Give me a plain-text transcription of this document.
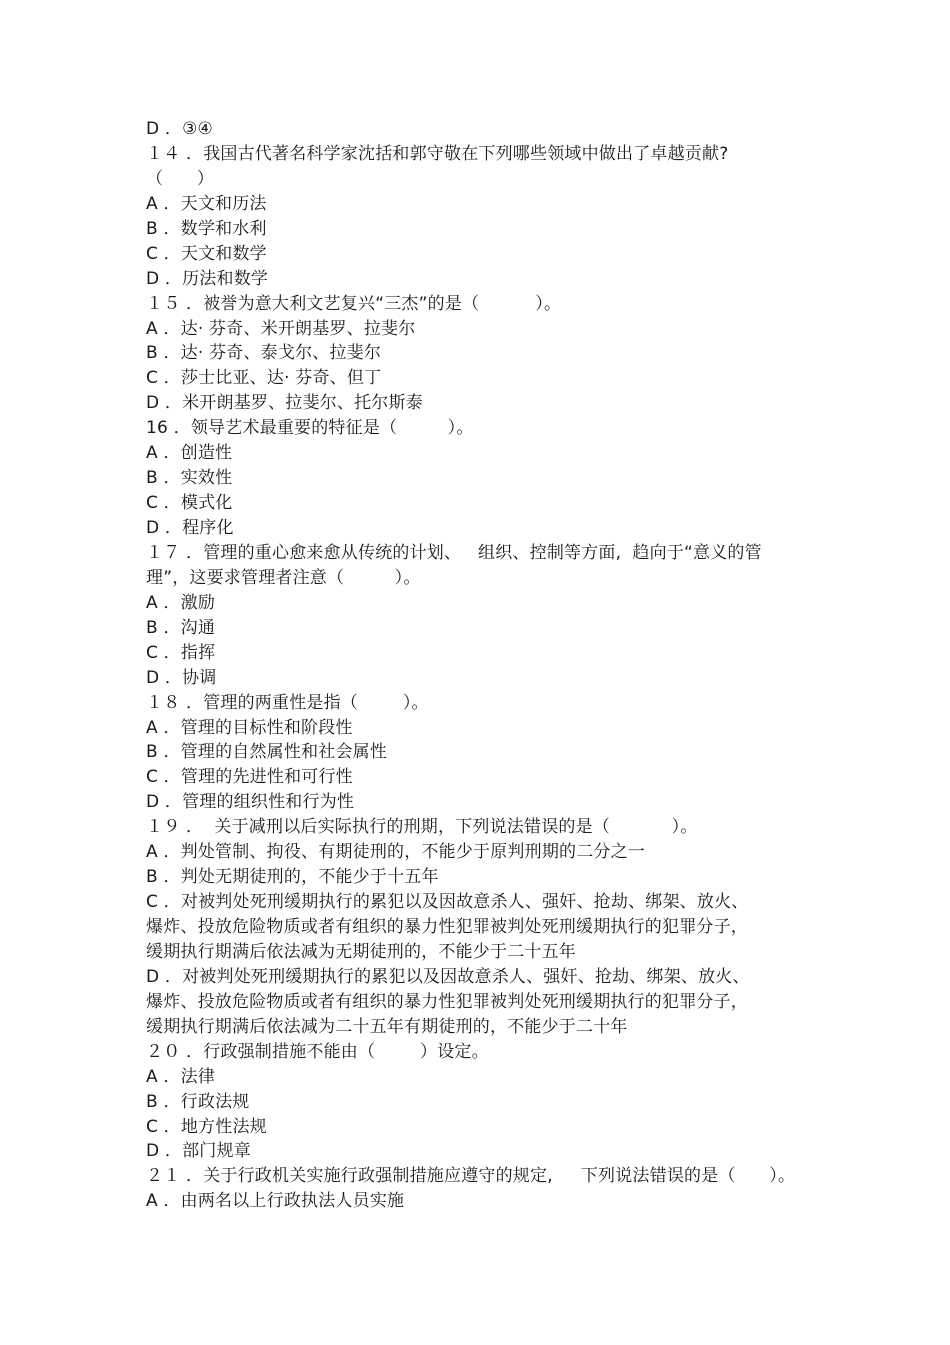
D ．③④
１４ ．我国古代著名科学家沈括和郭守敬在下列哪些领域中做出了卓越贡献?
（      ）
A ．天文和历法
B ．数学和水利
C ．天文和数学
D ．历法和数学
１５ ．被誉为意大利文艺复兴“三杰”的是（          ）。
A ．达· 芬奇、米开朗基罗、拉斐尔
B ．达· 芬奇、泰戈尔、拉斐尔
C ．莎士比亚、达· 芬奇、但丁
D ．米开朗基罗、拉斐尔、托尔斯泰
16 ．领导艺术最重要的特征是（         ）。
A ．创造性
B ．实效性
C ．模式化
D ．程序化
１７ ．管理的重心愈来愈从传统的计划、   组织、控制等方面,  趋向于“意义的管
理”，这要求管理者注意（         ）。
A ．激励
B ．沟通
C ．指挥
D ．协调
１８ ．管理的两重性是指（        ）。
A ．管理的目标性和阶段性
B ．管理的自然属性和社会属性
C ．管理的先进性和可行性
D ．管理的组织性和行为性
１９ ．  关于减刑以后实际执行的刑期，下列说法错误的是（           ）。
A ．判处管制、拘役、有期徒刑的，不能少于原判刑期的二分之一
B ．判处无期徒刑的，不能少于十五年
C ．对被判处死刑缓期执行的累犯以及因故意杀人、强奸、抢劫、绑架、放火、
爆炸、投放危险物质或者有组织的暴力性犯罪被判处死刑缓期执行的犯罪分子，
缓期执行期满后依法减为无期徒刑的，不能少于二十五年
D ．对被判处死刑缓期执行的累犯以及因故意杀人、强奸、抢劫、绑架、放火、
爆炸、投放危险物质或者有组织的暴力性犯罪被判处死刑缓期执行的犯罪分子，
缓期执行期满后依法减为二十五年有期徒刑的，不能少于二十年
２０ ．行政强制措施不能由（        ）设定。
A ．法律
B ．行政法规
C ．地方性法规
D ．部门规章
２１ ．关于行政机关实施行政强制措施应遵守的规定,     下列说法错误的是（      ）。
A ．由两名以上行政执法人员实施
